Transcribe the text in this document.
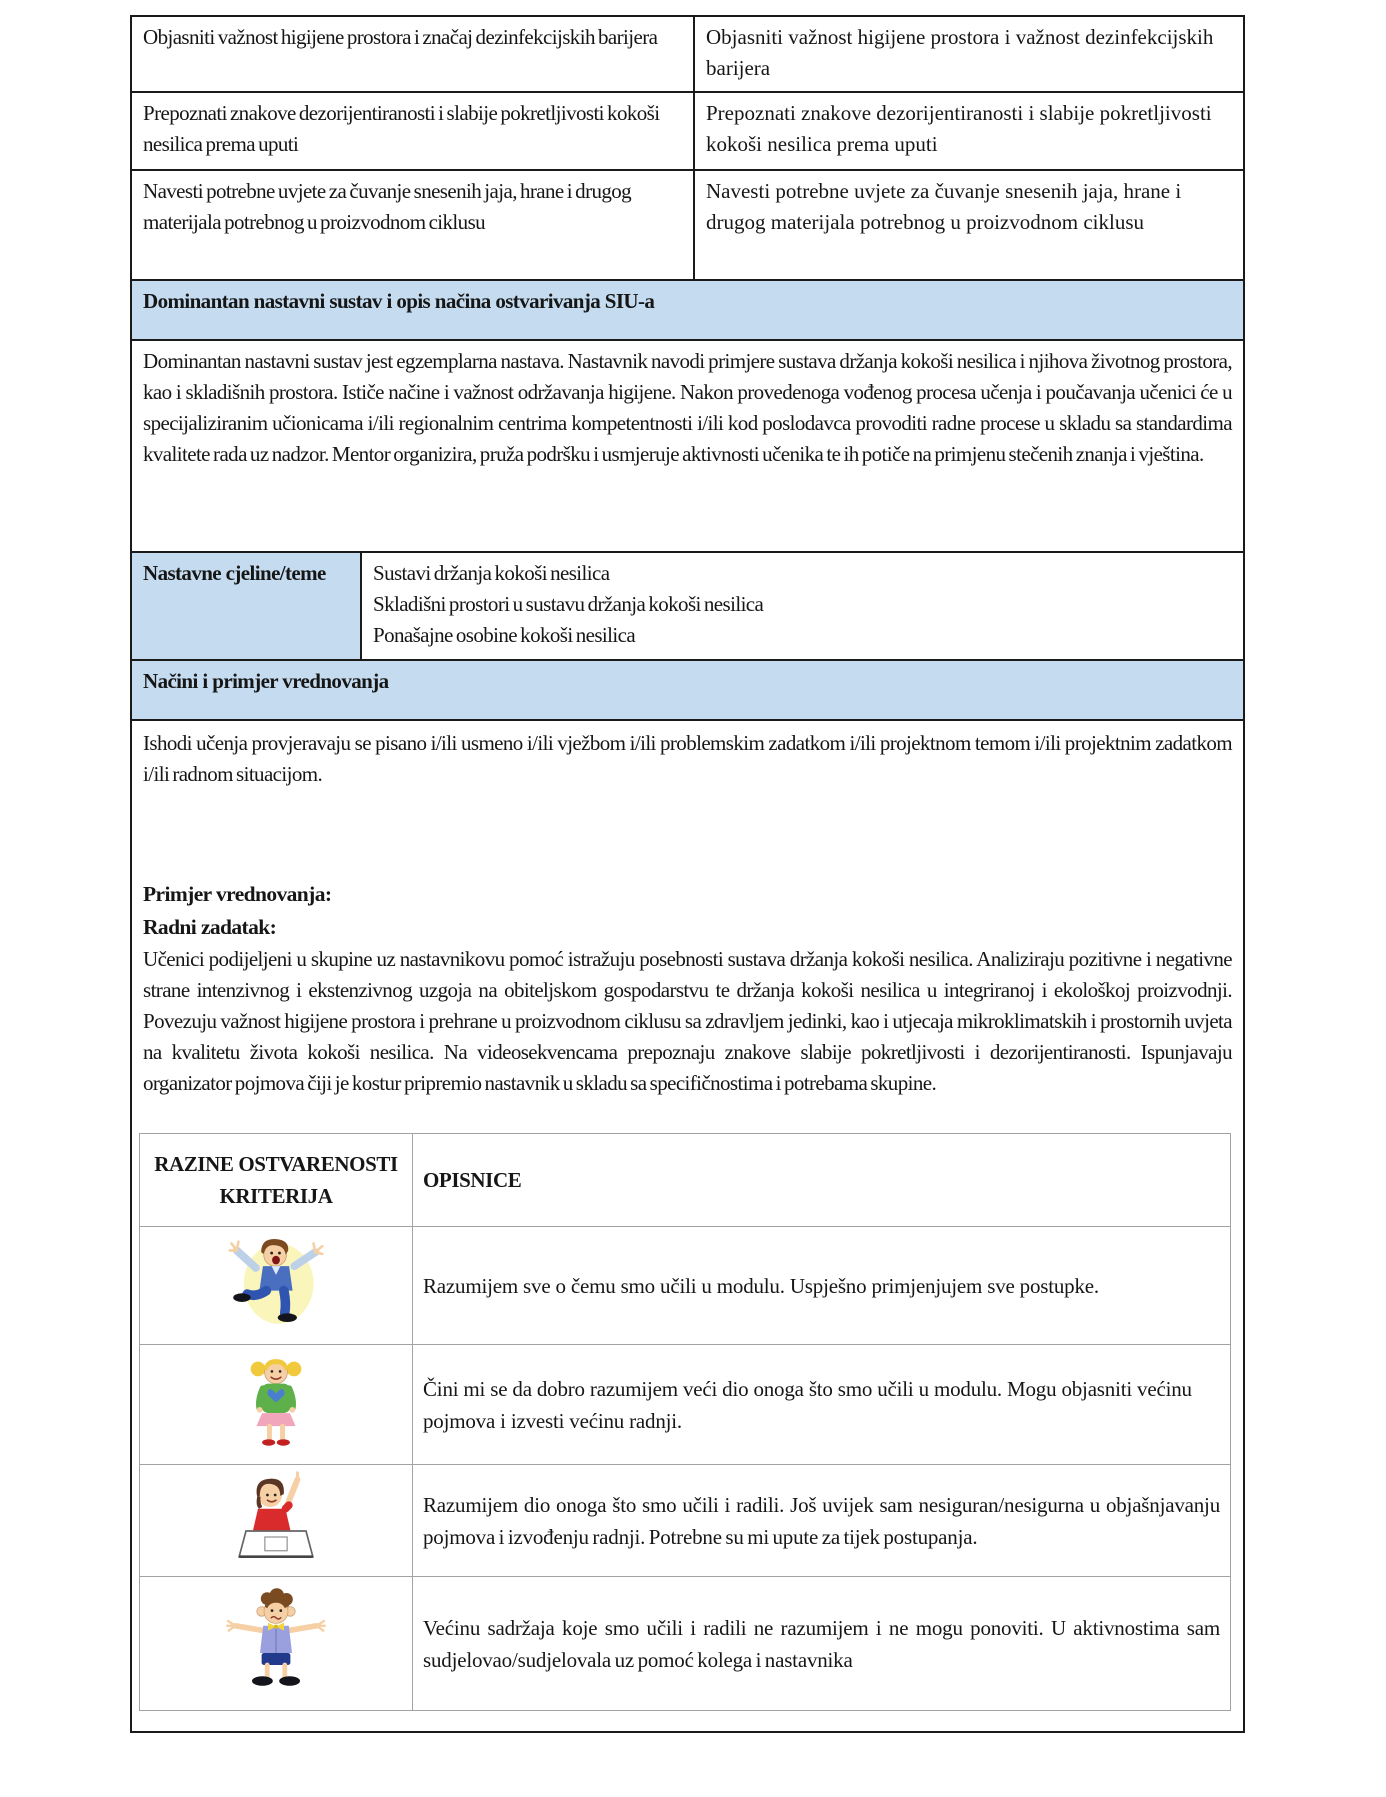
Objasniti važnost higijene prostora i značaj dezinfekcijskih barijera	Objasniti važnost higijene prostora i važnost dezinfekcijskih barijera
Prepoznati znakove dezorijentiranosti i slabije pokretljivosti kokoši nesilica prema uputi	Prepoznati znakove dezorijentiranosti i slabije pokretljivosti kokoši nesilica prema uputi
Navesti potrebne uvjete za čuvanje snesenih jaja, hrane i drugog materijala potrebnog u proizvodnom ciklusu	Navesti potrebne uvjete za čuvanje snesenih jaja, hrane i drugog materijala potrebnog u proizvodnom ciklusu
Dominantan nastavni sustav i opis načina ostvarivanja SIU-a
Dominantan nastavni sustav jest egzemplarna nastava. Nastavnik navodi primjere sustava držanja kokoši nesilica i njihova životnog prostora, kao i skladišnih prostora. Ističe načine i važnost održavanja higijene. Nakon provedenoga vođenog procesa učenja i poučavanja učenici će u specijaliziranim učionicama i/ili regionalnim centrima kompetentnosti i/ili kod poslodavca provoditi radne procese u skladu sa standardima kvalitete rada uz nadzor. Mentor organizira, pruža podršku i usmjeruje aktivnosti učenika te ih potiče na primjenu stečenih znanja i vještina.
Nastavne cjeline/teme	Sustavi držanja kokoši nesilica
Skladišni prostori u sustavu držanja kokoši nesilica
Ponašajne osobine kokoši nesilica

Načini i primjer vrednovanja

Ishodi učenja provjeravaju se pisano i/ili usmeno i/ili vježbom i/ili problemskim zadatkom i/ili projektnom temom i/ili projektnim zadatkom i/ili radnom situacijom.

Primjer vrednovanja:

Radni zadatak:

Učenici podijeljeni u skupine uz nastavnikovu pomoć istražuju posebnosti sustava držanja kokoši nesilica. Analiziraju pozitivne i negativne strane intenzivnog i ekstenzivnog uzgoja na obiteljskom gospodarstvu te držanja kokoši nesilica u integriranoj i ekološkoj proizvodnji. Povezuju važnost higijene prostora i prehrane u proizvodnom ciklusu sa zdravljem jedinki, kao i utjecaja mikroklimatskih i prostornih uvjeta na kvalitetu života kokoši nesilica. Na videosekvencama prepoznaju znakove slabije pokretljivosti i dezorijentiranosti. Ispunjavaju organizator pojmova čiji je kostur pripremio nastavnik u skladu sa specifičnostima i potrebama skupine.

RAZINE OSTVARENOSTI KRITERIJA	OPISNICE
	Razumijem sve o čemu smo učili u modulu. Uspješno primjenjujem sve postupke.
	Čini mi se da dobro razumijem veći dio onoga što smo učili u modulu. Mogu objasniti većinu pojmova i izvesti većinu radnji.
	Razumijem dio onoga što smo učili i radili. Još uvijek sam nesiguran/nesigurna u objašnjavanju pojmova i izvođenju radnji. Potrebne su mi upute za tijek postupanja.
	Većinu sadržaja koje smo učili i radili ne razumijem i ne mogu ponoviti. U aktivnostima sam sudjelovao/sudjelovala uz pomoć kolega i nastavnika
